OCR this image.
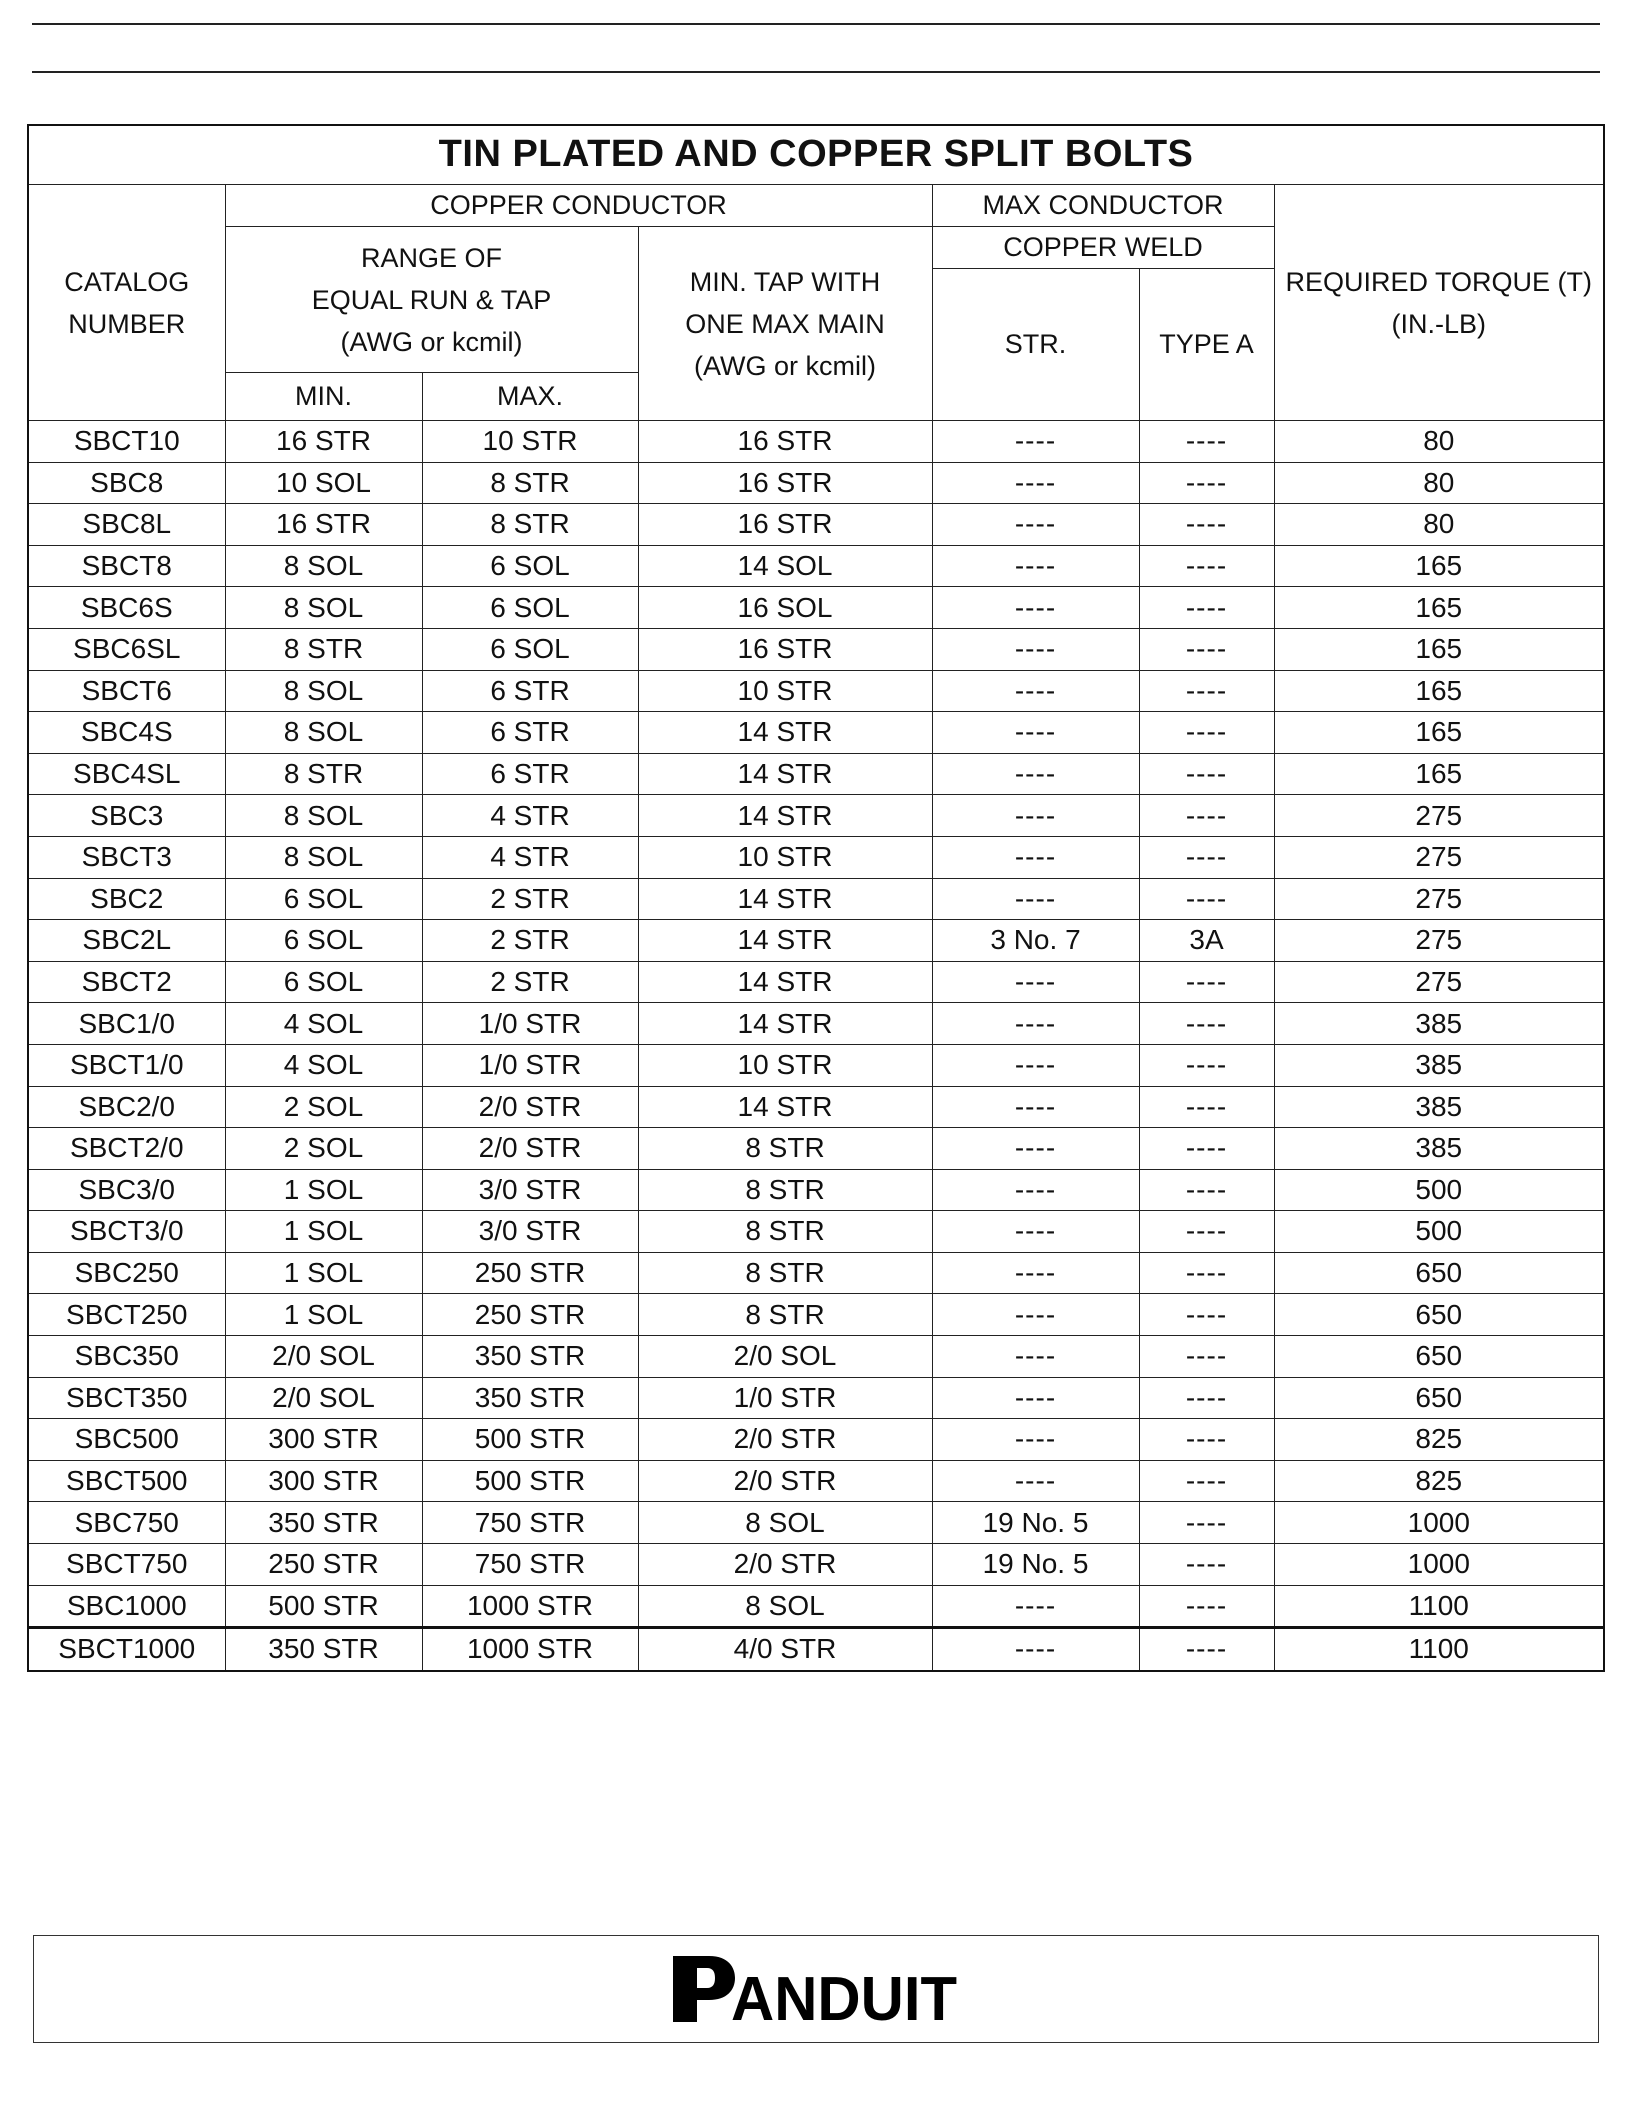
TIN PLATED AND COPPER SPLIT BOLTS						

CATALOG
NUMBER	COPPER CONDUCTOR			MAX CONDUCTOR		REQUIRED TORQUE (T)
(IN.-LB)

	RANGE OF
EQUAL RUN & TAP
(AWG or kcmil)		MIN. TAP WITH
ONE MAX MAIN
(AWG or kcmil)	COPPER WELD		
				STR.	TYPE A	
	MIN.	MAX.				
SBCT10	16 STR	10 STR	16 STR	----	----	80
SBC8	10 SOL	8 STR	16 STR	----	----	80
SBC8L	16 STR	8 STR	16 STR	----	----	80
SBCT8	8 SOL	6 SOL	14 SOL	----	----	165
SBC6S	8 SOL	6 SOL	16 SOL	----	----	165
SBC6SL	8 STR	6 SOL	16 STR	----	----	165
SBCT6	8 SOL	6 STR	10 STR	----	----	165
SBC4S	8 SOL	6 STR	14 STR	----	----	165
SBC4SL	8 STR	6 STR	14 STR	----	----	165
SBC3	8 SOL	4 STR	14 STR	----	----	275
SBCT3	8 SOL	4 STR	10 STR	----	----	275
SBC2	6 SOL	2 STR	14 STR	----	----	275
SBC2L	6 SOL	2 STR	14 STR	3 No. 7	3A	275
SBCT2	6 SOL	2 STR	14 STR	----	----	275
SBC1/0	4 SOL	1/0 STR	14 STR	----	----	385
SBCT1/0	4 SOL	1/0 STR	10 STR	----	----	385
SBC2/0	2 SOL	2/0 STR	14 STR	----	----	385
SBCT2/0	2 SOL	2/0 STR	8 STR	----	----	385
SBC3/0	1 SOL	3/0 STR	8 STR	----	----	500
SBCT3/0	1 SOL	3/0 STR	8 STR	----	----	500
SBC250	1 SOL	250 STR	8 STR	----	----	650
SBCT250	1 SOL	250 STR	8 STR	----	----	650
SBC350	2/0 SOL	350 STR	2/0 SOL	----	----	650
SBCT350	2/0 SOL	350 STR	1/0 STR	----	----	650
SBC500	300 STR	500 STR	2/0 STR	----	----	825
SBCT500	300 STR	500 STR	2/0 STR	----	----	825
SBC750	350 STR	750 STR	8 SOL	19 No. 5	----	1000
SBCT750	250 STR	750 STR	2/0 STR	19 No. 5	----	1000
SBC1000	500 STR	1000 STR	8 SOL	----	----	1100
SBCT1000	350 STR	1000 STR	4/0 STR	----	----	1100
ANDUIT
